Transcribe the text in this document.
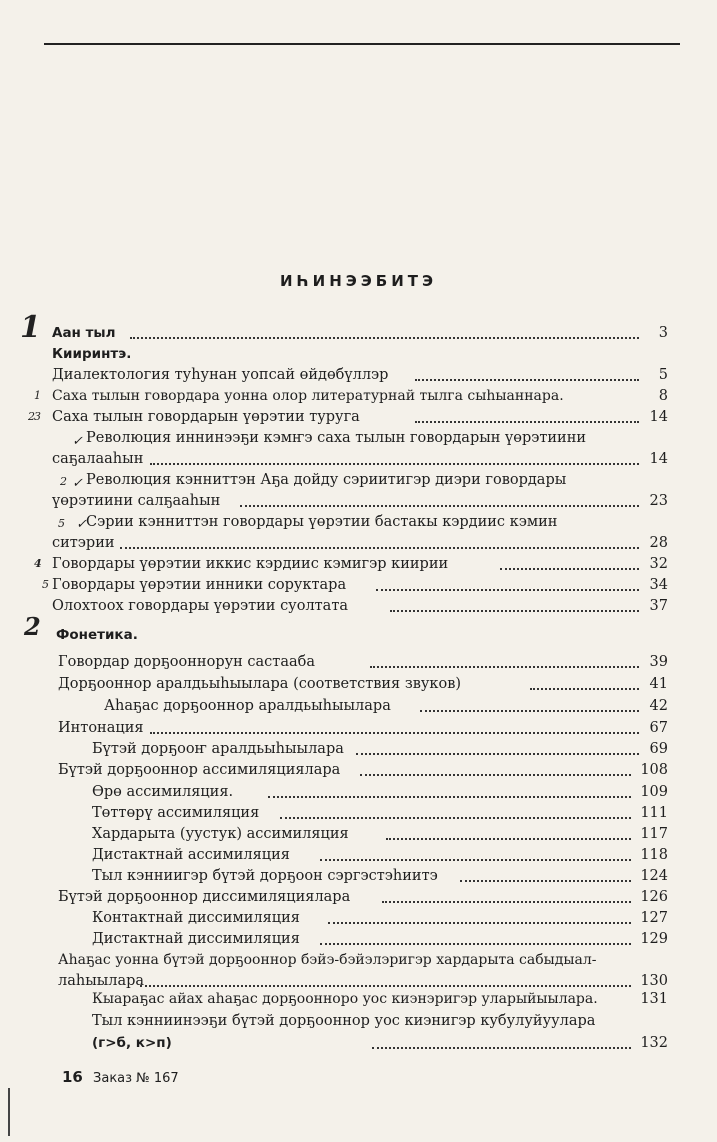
ИҺИНЭЭБИТЭ
Аан тыл	3
Кииринтэ.
Диалектология туһунан уопсай өйдөбүллэр	5
Саха тылын говордара уонна олор литературнай тылга сыһыаннара.	8
Саха тылын говордарын үөрэтии туруга	14
Революция иннинээҕи кэмҥэ саха тылын говордарын үөрэтиини
саҕалааһын	14
Революция кэнниттэн Аҕа дойду сэриитигэр диэри говордары
үөрэтиини салҕааһын	23
Сэрии кэнниттэн говордары үөрэтии бастакы кэрдиис кэмин
ситэрии	28
Говордары үөрэтии иккис кэрдиис кэмигэр киирии	32
Говордары үөрэтии инники соруктара	34
Олохтоох говордары үөрэтии суолтата	37
Фонетика.
Говордар дорҕооннорун састааба	39
Дорҕооннор аралдьыһыылара (соответствия звуков)	41
Аһаҕас дорҕооннор аралдьыһыылара	42
Интонация	67
Бүтэй дорҕооҥ аралдьыһыылара	69
Бүтэй дорҕооннор ассимиляциялара	108
Өрө ассимиляция.	109
Төттөрү ассимиляция	111
Хардарыта (уустук) ассимиляция	117
Дистактнай ассимиляция	118
Тыл кэнниигэр бүтэй дорҕоон сэргэстэһиитэ	124
Бүтэй дорҕооннор диссимиляциялара	126
Контактнай диссимиляция	127
Дистактнай диссимиляция	129
Аһаҕас уонна бүтэй дорҕооннор бэйэ-бэйэлэригэр хардарыта сабыдыал-
лаһыылара	130
Кыараҕас айах аһаҕас дорҕоонноро уос киэнэригэр уларыйыылара.	131
Тыл кэнниинээҕи бүтэй дорҕооннор уос киэнигэр кубулуйуулара
(г>б, к>п)	132
1
1
2 3
2
5
4
5
2
✓
✓
✓
16 Заказ № 167
